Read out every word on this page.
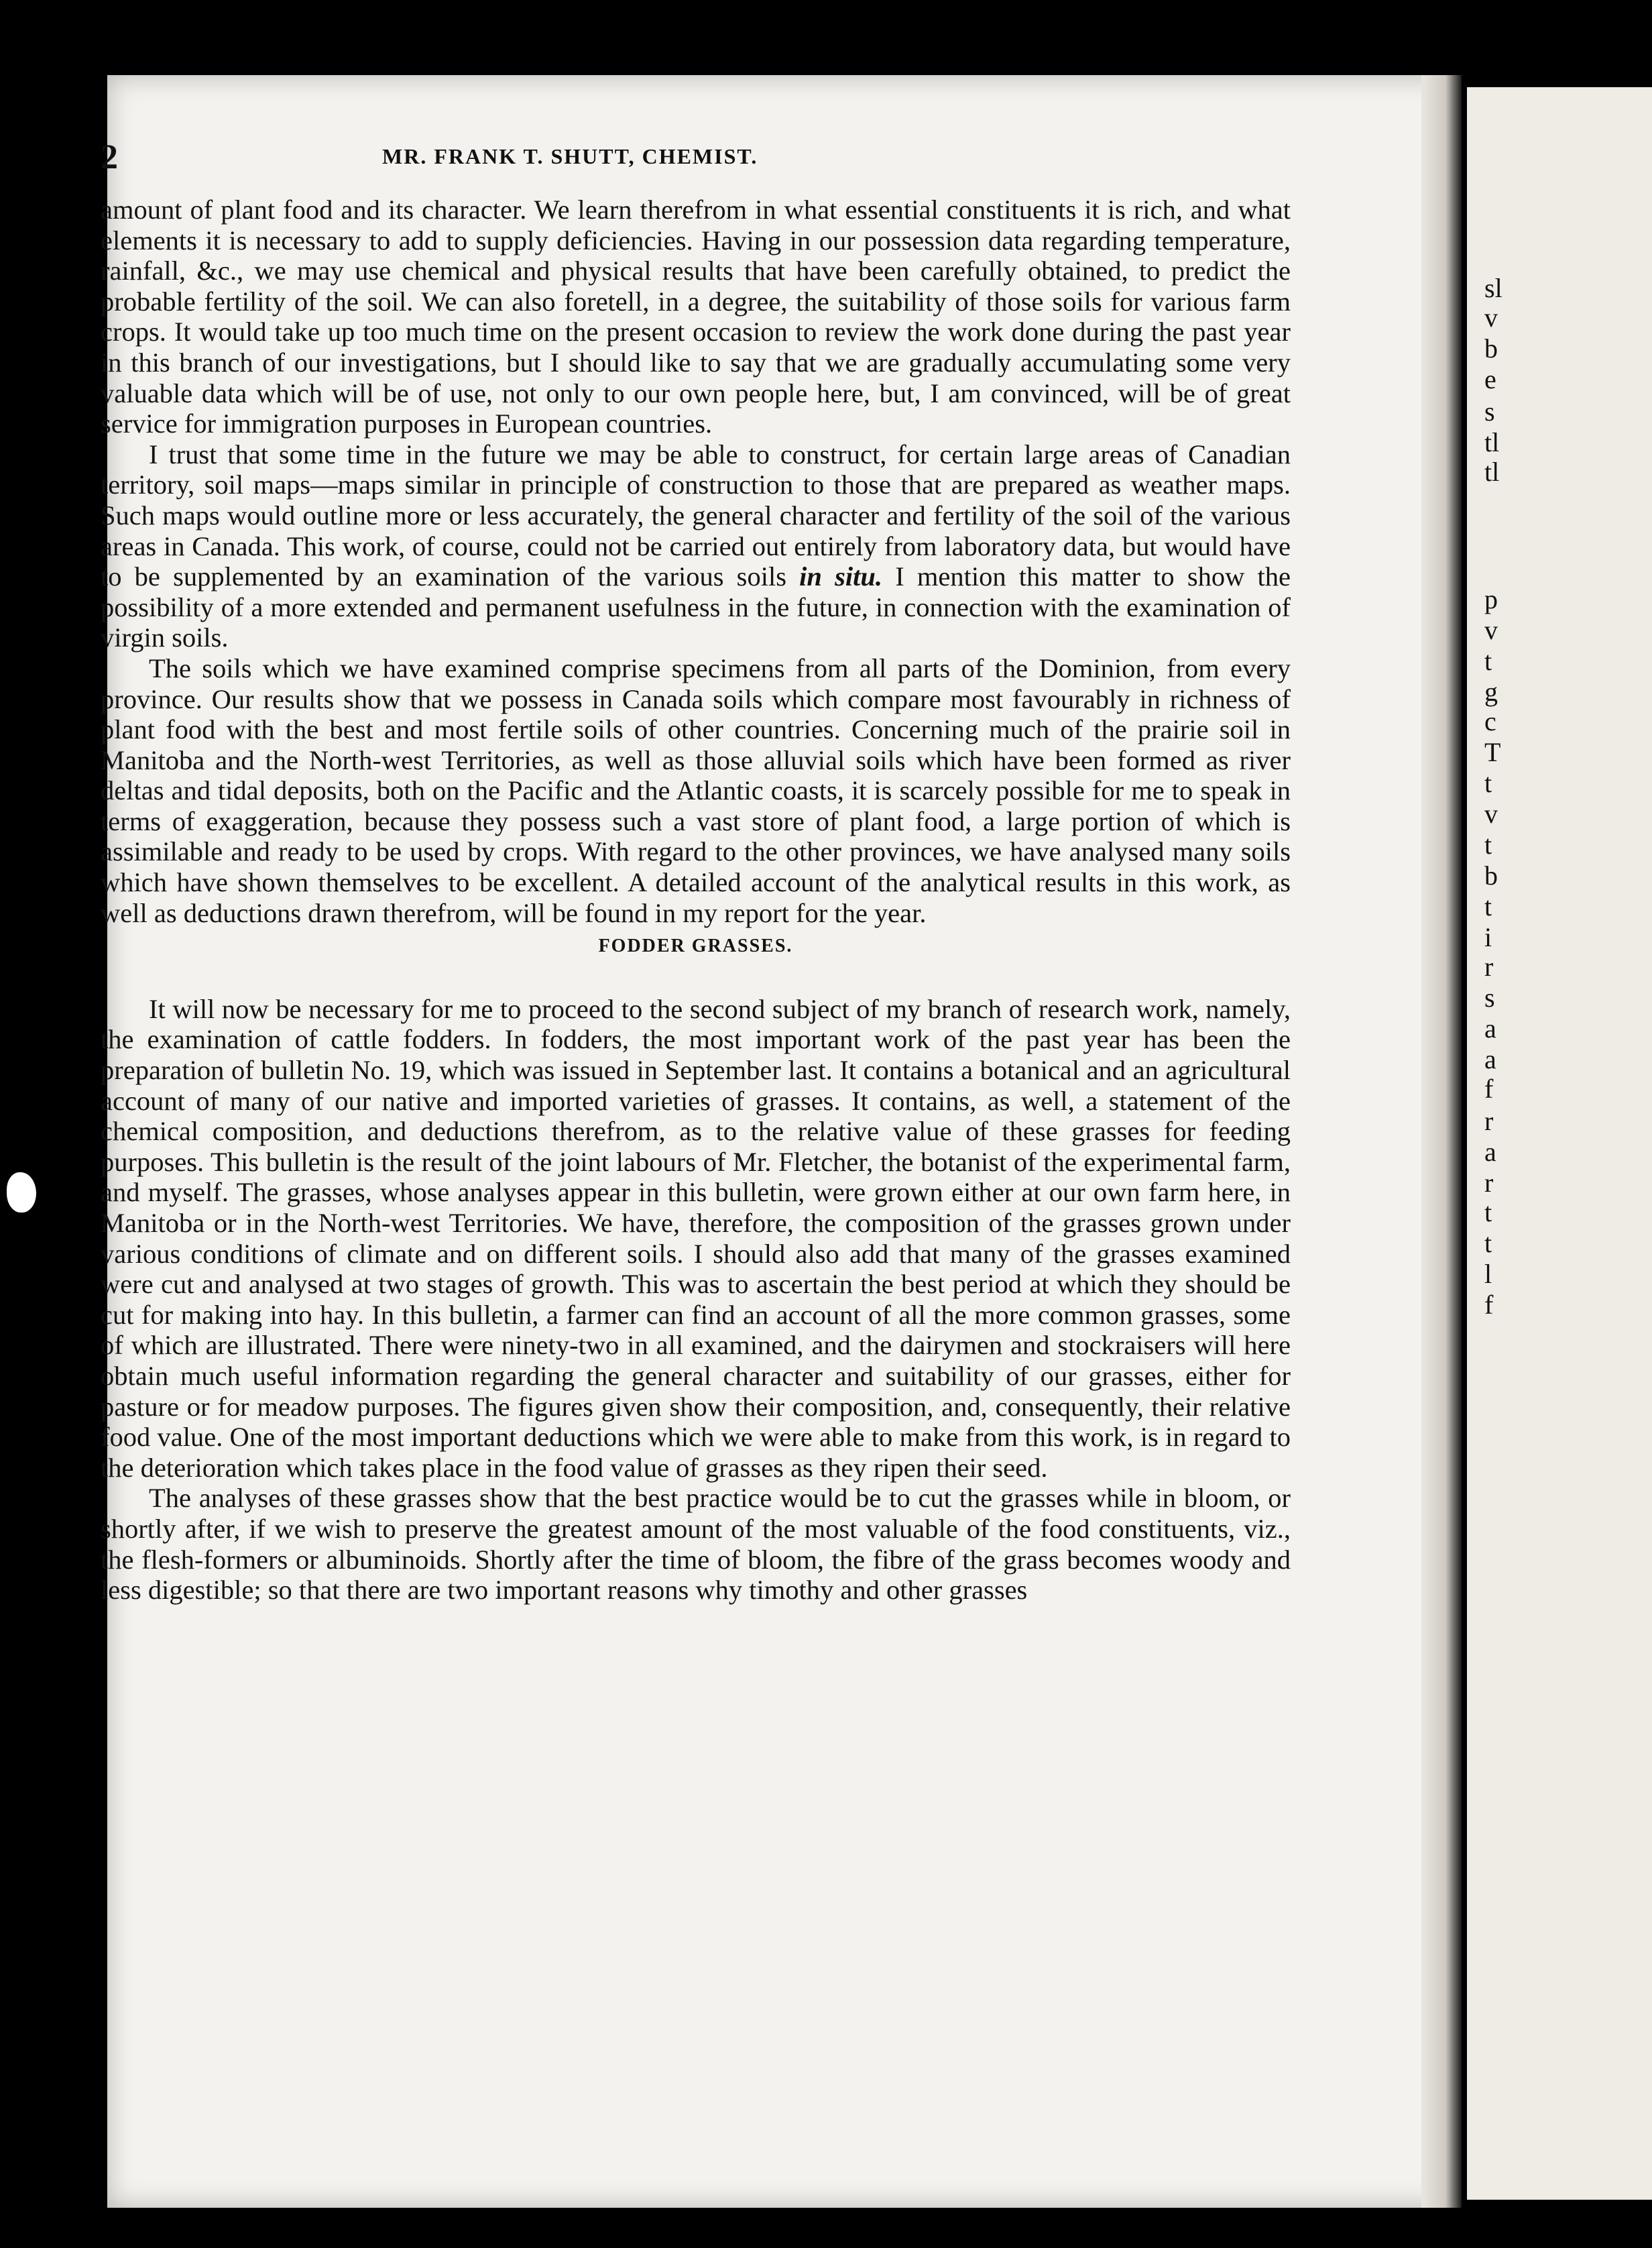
sl
v
b
e
s
tl
tl
p
v
t
g
c
T
t
v
t
b
t
i
r
s
a
a
f
r
a
r
t
t
l
f
2	MR. FRANK T. SHUTT, CHEMIST.

amount of plant food and its character. We learn therefrom in what essential constituents it is rich, and what elements it is necessary to add to supply deficiencies. Having in our possession data regarding temperature, rainfall, &c., we may use chemical and physical results that have been carefully obtained, to predict the probable fertility of the soil. We can also foretell, in a degree, the suitability of those soils for various farm crops. It would take up too much time on the present occasion to review the work done during the past year in this branch of our investigations, but I should like to say that we are gradually accumulating some very valuable data which will be of use, not only to our own people here, but, I am convinced, will be of great service for immigration purposes in European countries.

I trust that some time in the future we may be able to construct, for certain large areas of Canadian territory, soil maps—maps similar in principle of construction to those that are prepared as weather maps. Such maps would outline more or less accurately, the general character and fertility of the soil of the various areas in Canada. This work, of course, could not be carried out entirely from laboratory data, but would have to be supplemented by an examination of the various soils in situ. I mention this matter to show the possibility of a more extended and permanent usefulness in the future, in connection with the examination of virgin soils.

The soils which we have examined comprise specimens from all parts of the Dominion, from every province. Our results show that we possess in Canada soils which compare most favourably in richness of plant food with the best and most fertile soils of other countries. Concerning much of the prairie soil in Manitoba and the North-west Territories, as well as those alluvial soils which have been formed as river deltas and tidal deposits, both on the Pacific and the Atlantic coasts, it is scarcely possible for me to speak in terms of exaggeration, because they possess such a vast store of plant food, a large portion of which is assimilable and ready to be used by crops. With regard to the other provinces, we have analysed many soils which have shown themselves to be excellent. A detailed account of the analytical results in this work, as well as deductions drawn therefrom, will be found in my report for the year.

FODDER GRASSES.

It will now be necessary for me to proceed to the second subject of my branch of research work, namely, the examination of cattle fodders. In fodders, the most important work of the past year has been the preparation of bulletin No. 19, which was issued in September last. It contains a botanical and an agricultural account of many of our native and imported varieties of grasses. It contains, as well, a statement of the chemical composition, and deductions therefrom, as to the relative value of these grasses for feeding purposes. This bulletin is the result of the joint labours of Mr. Fletcher, the botanist of the experimental farm, and myself. The grasses, whose analyses appear in this bulletin, were grown either at our own farm here, in Manitoba or in the North-west Territories. We have, therefore, the composition of the grasses grown under various conditions of climate and on different soils. I should also add that many of the grasses examined were cut and analysed at two stages of growth. This was to ascertain the best period at which they should be cut for making into hay. In this bulletin, a farmer can find an account of all the more common grasses, some of which are illustrated. There were ninety-two in all examined, and the dairymen and stockraisers will here obtain much useful information regarding the general character and suitability of our grasses, either for pasture or for meadow purposes. The figures given show their composition, and, consequently, their relative food value. One of the most important deductions which we were able to make from this work, is in regard to the deterioration which takes place in the food value of grasses as they ripen their seed.

The analyses of these grasses show that the best practice would be to cut the grasses while in bloom, or shortly after, if we wish to preserve the greatest amount of the most valuable of the food constituents, viz., the flesh-formers or albuminoids. Shortly after the time of bloom, the fibre of the grass becomes woody and less digestible; so that there are two important reasons why timothy and other grasses
